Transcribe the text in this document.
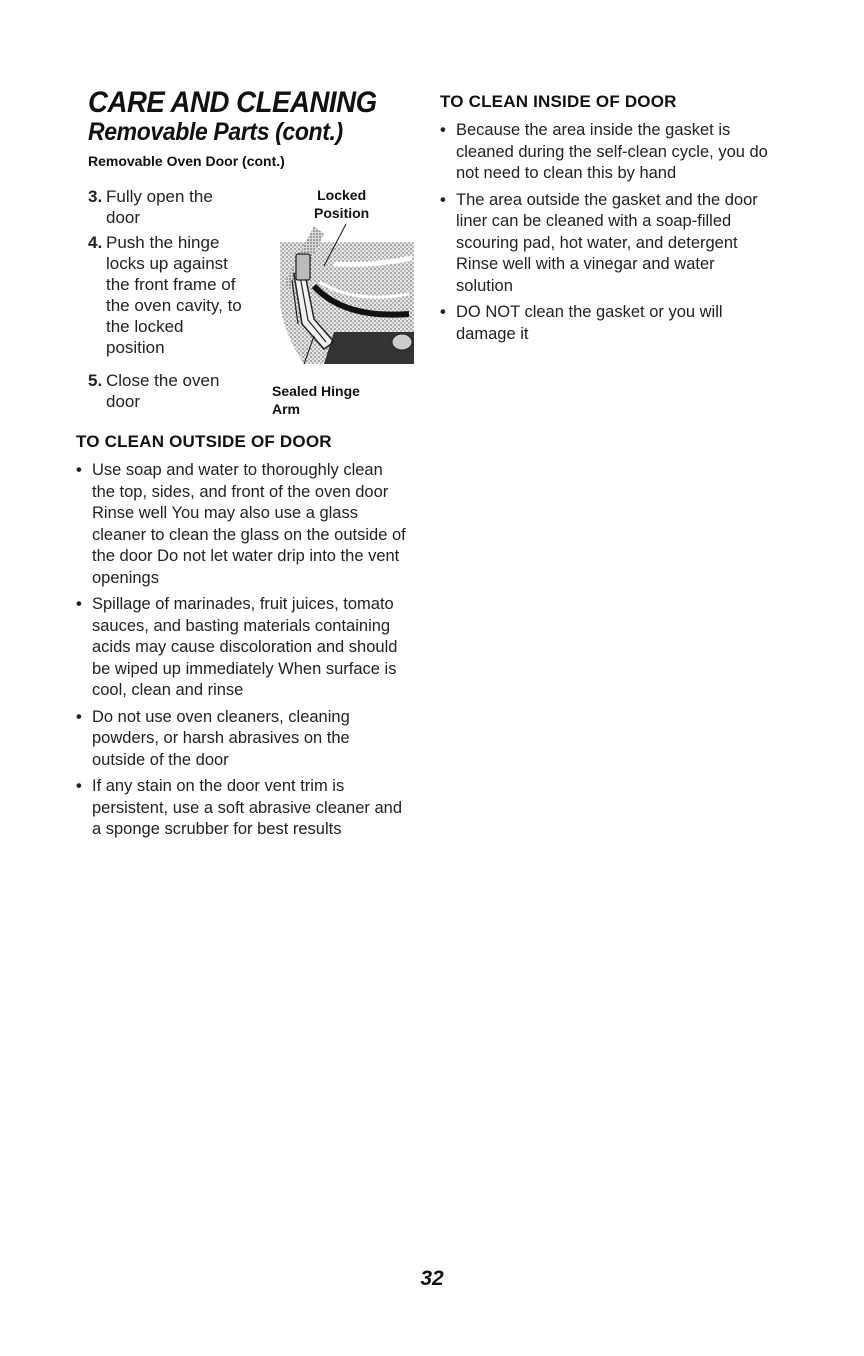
CARE AND CLEANING
Removable Parts (cont.)
Removable Oven Door (cont.)
3. Fully open the
door
4. Push the hinge
locks up against
the front frame of
the oven cavity, to
the locked
position
5. Close the oven
door
Locked
Position
Sealed Hinge
Arm
TO CLEAN OUTSIDE OF DOOR
• Use soap and water to thoroughly clean the top, sides, and front of the oven door Rinse well You may also use a glass cleaner to clean the glass on the outside of the door Do not let water drip into the vent openings
• Spillage of marinades, fruit juices, tomato sauces, and basting materials containing acids may cause discoloration and should be wiped up immediately When surface is cool, clean and rinse
• Do not use oven cleaners, cleaning powders, or harsh abrasives on the outside of the door
• If any stain on the door vent trim is persistent, use a soft abrasive cleaner and a sponge scrubber for best results
TO CLEAN INSIDE OF DOOR
• Because the area inside the gasket is cleaned during the self-clean cycle, you do not need to clean this by hand
• The area outside the gasket and the door liner can be cleaned with a soap-filled scouring pad, hot water, and detergent Rinse well with a vinegar and water solution
• DO NOT clean the gasket or you will damage it
32
